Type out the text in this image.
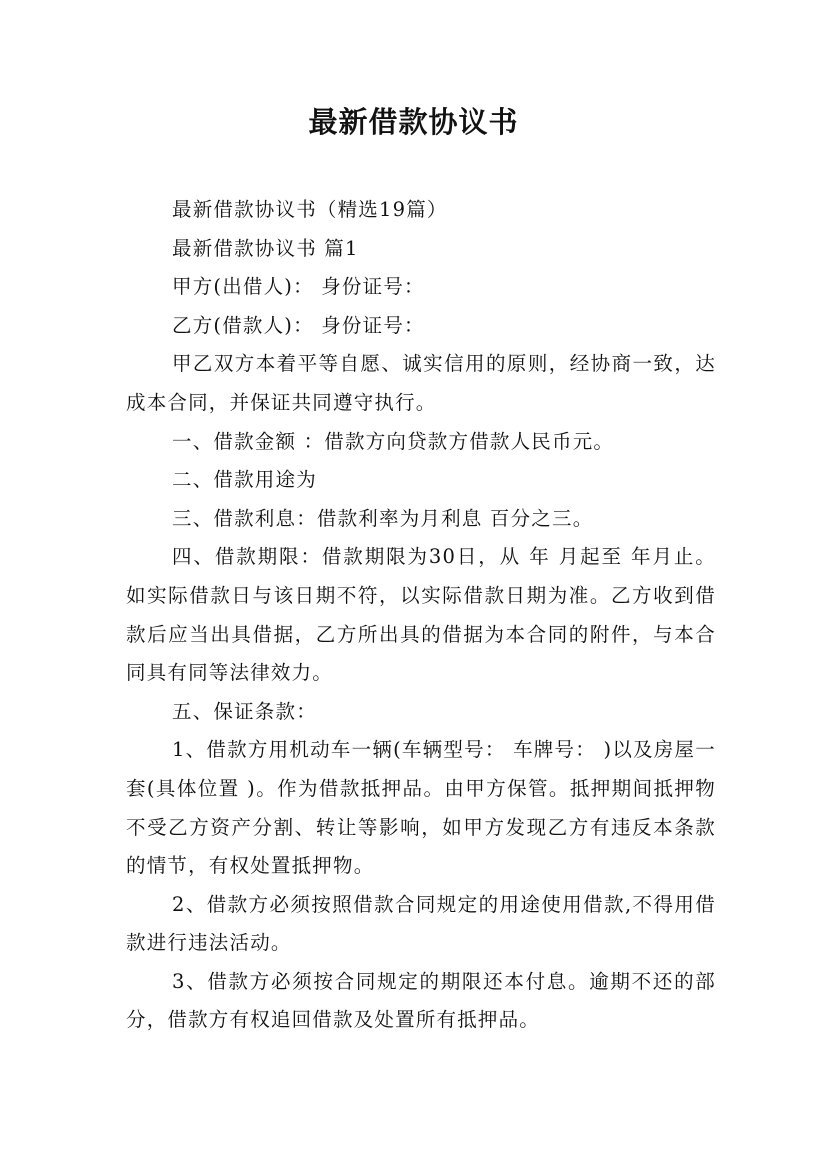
最新借款协议书

最新借款协议书（精选19篇）

最新借款协议书 篇1

甲方(出借人)： 身份证号：

乙方(借款人)： 身份证号：

甲乙双方本着平等自愿、诚实信用的原则，经协商一致，达成本合同，并保证共同遵守执行。

一、借款金额 ：借款方向贷款方借款人民币元。

二、借款用途为

三、借款利息：借款利率为月利息 百分之三。

四、借款期限：借款期限为30日，从 年 月起至 年月止。如实际借款日与该日期不符，以实际借款日期为准。乙方收到借款后应当出具借据，乙方所出具的借据为本合同的附件，与本合同具有同等法律效力。

五、保证条款：

1、借款方用机动车一辆(车辆型号： 车牌号： )以及房屋一套(具体位置 )。作为借款抵押品。由甲方保管。抵押期间抵押物不受乙方资产分割、转让等影响，如甲方发现乙方有违反本条款的情节，有权处置抵押物。

2、借款方必须按照借款合同规定的用途使用借款,不得用借款进行违法活动。

3、借款方必须按合同规定的期限还本付息。逾期不还的部分，借款方有权追回借款及处置所有抵押品。
